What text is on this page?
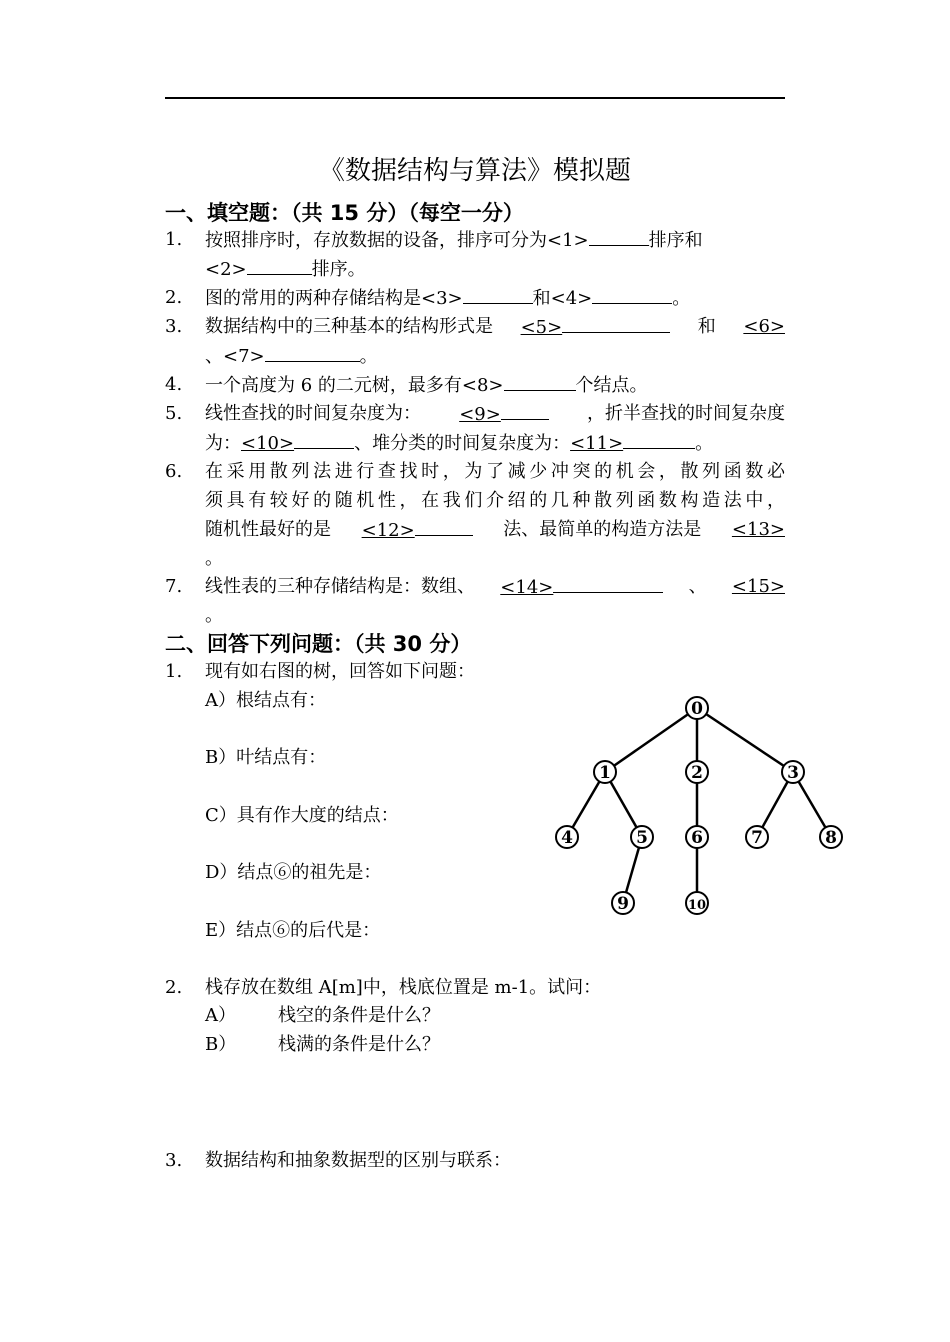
《数据结构与算法》模拟题
一、填空题：（共 15 分）（每空一分）
1. 按照排序时，存放数据的设备，排序可分为<1>	排序和
<2>	排序。
2. 图的常用的两种存储结构是<3>	和<4>	。
3. 数据结构中的三种基本的结构形式是 <5>	和 <6>
、<7>	。
4. 一个高度为 6 的二元树，最多有<8>	个结点。
5. 线性查找的时间复杂度为： <9>	，折半查找的时间复杂度
为：<10>	、堆分类的时间复杂度为：<11>	。
6. 在采用散列法进行查找时，为了减少冲突的机会，散列函数必
须具有较好的随机性，在我们介绍的几种散列函数构造法中，
随机性最好的是 <12>	法、最简单的构造方法是 <13>
。
7. 线性表的三种存储结构是：数组、 <14>	、 <15>
。
二、回答下列问题：（共 30 分）
1. 现有如右图的树，回答如下问题：
A）根结点有：
B）叶结点有：
C）具有作大度的结点：
D）结点⑥的祖先是：
E）结点⑥的后代是：
0
1	2	3
4	5	6	7	8
9	10
2. 栈存放在数组 A[m]中，栈底位置是 m-1。试问：
A） 栈空的条件是什么？
B） 栈满的条件是什么？
3. 数据结构和抽象数据型的区别与联系：
